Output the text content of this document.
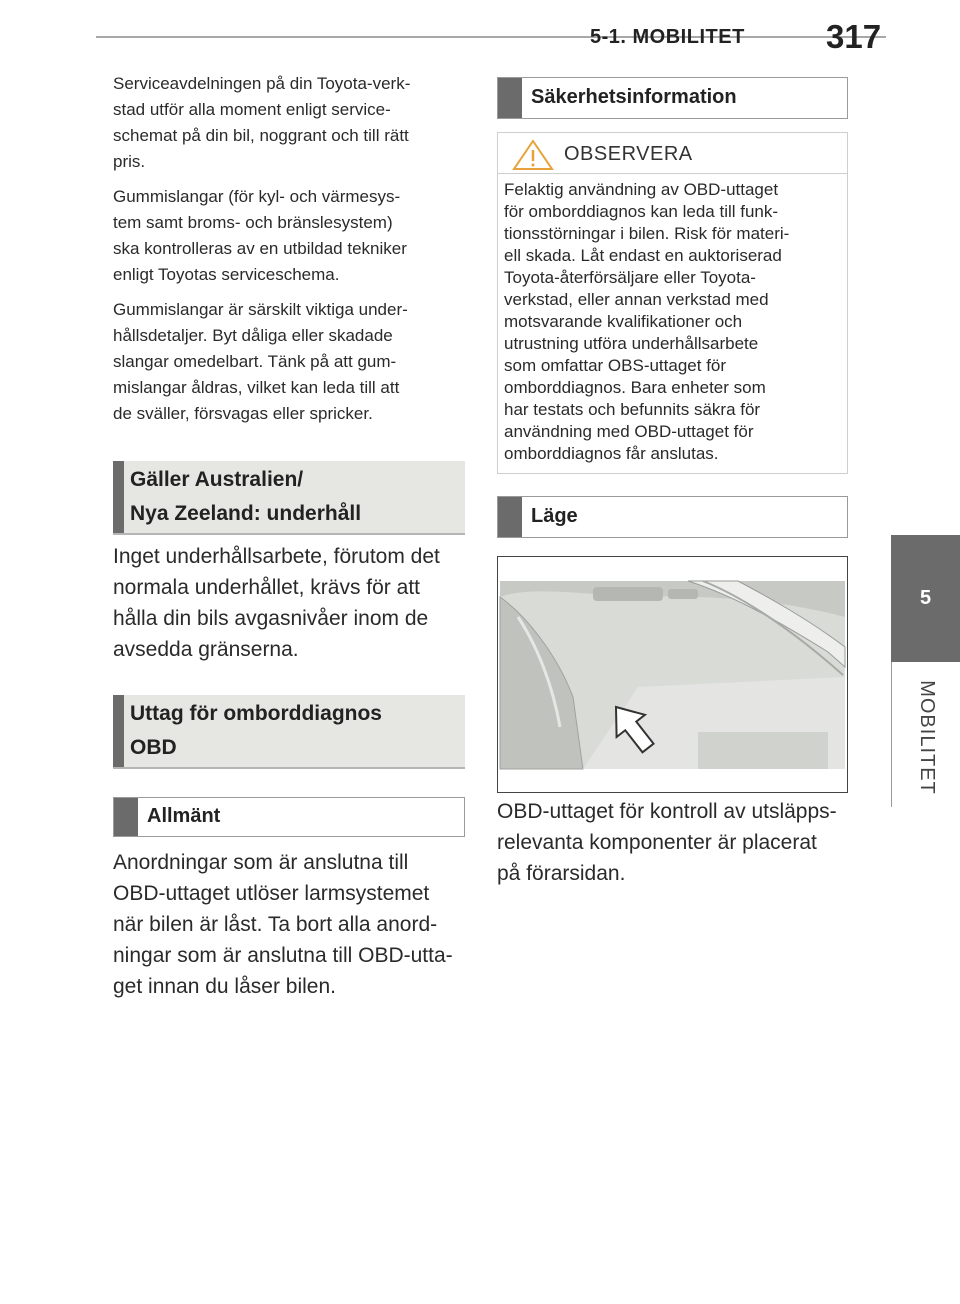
5-1. MOBILITET 317
5
MOBILITET
Serviceavdelningen på din Toyota-verk-
stad utför alla moment enligt service-
schemat på din bil, noggrant och till rätt
pris.
Gummislangar (för kyl- och värmesys-
tem samt broms- och bränslesystem)
ska kontrolleras av en utbildad tekniker
enligt Toyotas serviceschema.
Gummislangar är särskilt viktiga under-
hållsdetaljer. Byt dåliga eller skadade
slangar omedelbart. Tänk på att gum-
mislangar åldras, vilket kan leda till att
de sväller, försvagas eller spricker.
Gäller Australien/
Nya Zeeland: underhåll
Inget underhållsarbete, förutom det
normala underhållet, krävs för att
hålla din bils avgasnivåer inom de
avsedda gränserna.
Uttag för omborddiagnos
OBD
Allmänt
Anordningar som är anslutna till
OBD-uttaget utlöser larmsystemet
när bilen är låst. Ta bort alla anord-
ningar som är anslutna till OBD-utta-
get innan du låser bilen.
Säkerhetsinformation
OBSERVERA
Felaktig användning av OBD-uttaget
för omborddiagnos kan leda till funk-
tionsstörningar i bilen. Risk för materi-
ell skada. Låt endast en auktoriserad
Toyota-återförsäljare eller Toyota-
verkstad, eller annan verkstad med
motsvarande kvalifikationer och
utrustning utföra underhållsarbete
som omfattar OBS-uttaget för
omborddiagnos. Bara enheter som
har testats och befunnits säkra för
användning med OBD-uttaget för
omborddiagnos får anslutas.
Läge
OBD-uttaget för kontroll av utsläpps-
relevanta komponenter är placerat
på förarsidan.
